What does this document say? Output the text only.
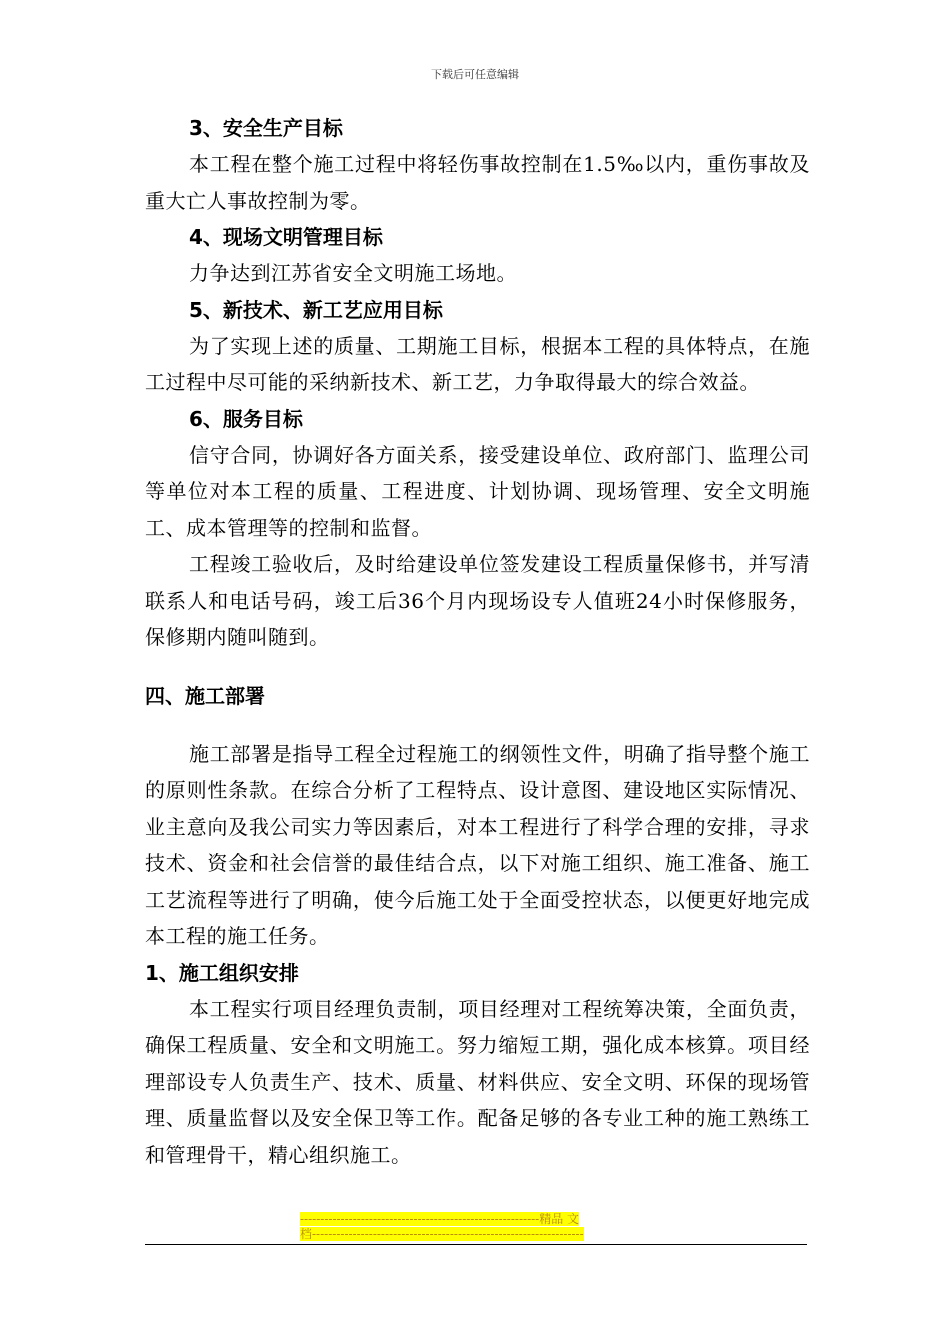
下载后可任意编辑

3、安全生产目标

本工程在整个施工过程中将轻伤事故控制在1.5‰以内，重伤事故及重大亡人事故控制为零。

4、现场文明管理目标

力争达到江苏省安全文明施工场地。

5、新技术、新工艺应用目标

为了实现上述的质量、工期施工目标，根据本工程的具体特点，在施工过程中尽可能的采纳新技术、新工艺，力争取得最大的综合效益。

6、服务目标

信守合同，协调好各方面关系，接受建设单位、政府部门、监理公司等单位对本工程的质量、工程进度、计划协调、现场管理、安全文明施工、成本管理等的控制和监督。

工程竣工验收后，及时给建设单位签发建设工程质量保修书，并写清联系人和电话号码，竣工后36个月内现场设专人值班24小时保修服务，保修期内随叫随到。

四、施工部署

施工部署是指导工程全过程施工的纲领性文件，明确了指导整个施工的原则性条款。在综合分析了工程特点、设计意图、建设地区实际情况、业主意向及我公司实力等因素后，对本工程进行了科学合理的安排，寻求技术、资金和社会信誉的最佳结合点，以下对施工组织、施工准备、施工工艺流程等进行了明确，使今后施工处于全面受控状态，以便更好地完成本工程的施工任务。

1、施工组织安排

本工程实行项目经理负责制，项目经理对工程统筹决策，全面负责，确保工程质量、安全和文明施工。努力缩短工期，强化成本核算。项目经理部设专人负责生产、技术、质量、材料供应、安全文明、环保的现场管理、质量监督以及安全保卫等工作。配备足够的各专业工种的施工熟练工和管理骨干，精心组织施工。

-----------------------------------------------------------精品 文
档-------------------------------------------------------------------
